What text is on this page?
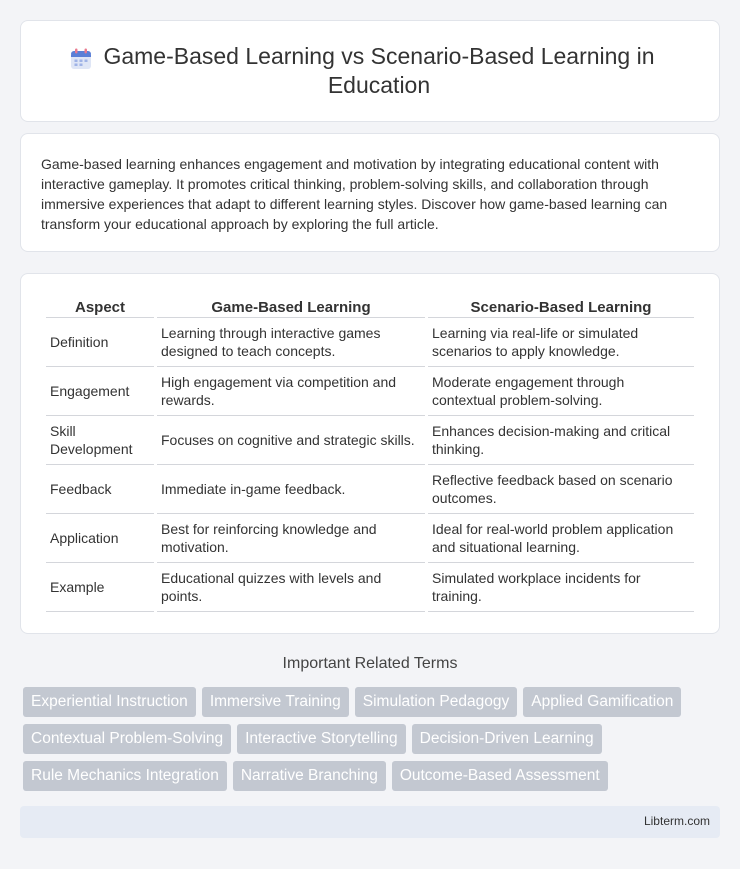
Game-Based Learning vs Scenario-Based Learning in Education

Game-based learning enhances engagement and motivation by integrating educational content with interactive gameplay. It promotes critical thinking, problem-solving skills, and collaboration through immersive experiences that adapt to different learning styles. Discover how game-based learning can transform your educational approach by exploring the full article.

Aspect	Game-Based Learning	Scenario-Based Learning
Definition	Learning through interactive games designed to teach concepts.	Learning via real-life or simulated scenarios to apply knowledge.
Engagement	High engagement via competition and rewards.	Moderate engagement through contextual problem-solving.
Skill Development	Focuses on cognitive and strategic skills.	Enhances decision-making and critical thinking.
Feedback	Immediate in-game feedback.	Reflective feedback based on scenario outcomes.
Application	Best for reinforcing knowledge and motivation.	Ideal for real-world problem application and situational learning.
Example	Educational quizzes with levels and points.	Simulated workplace incidents for training.
Important Related Terms
Experiential Instruction	Immersive Training	Simulation Pedagogy	Applied Gamification
Contextual Problem-Solving	Interactive Storytelling	Decision-Driven Learning
Rule Mechanics Integration	Narrative Branching	Outcome-Based Assessment
Libterm.com
